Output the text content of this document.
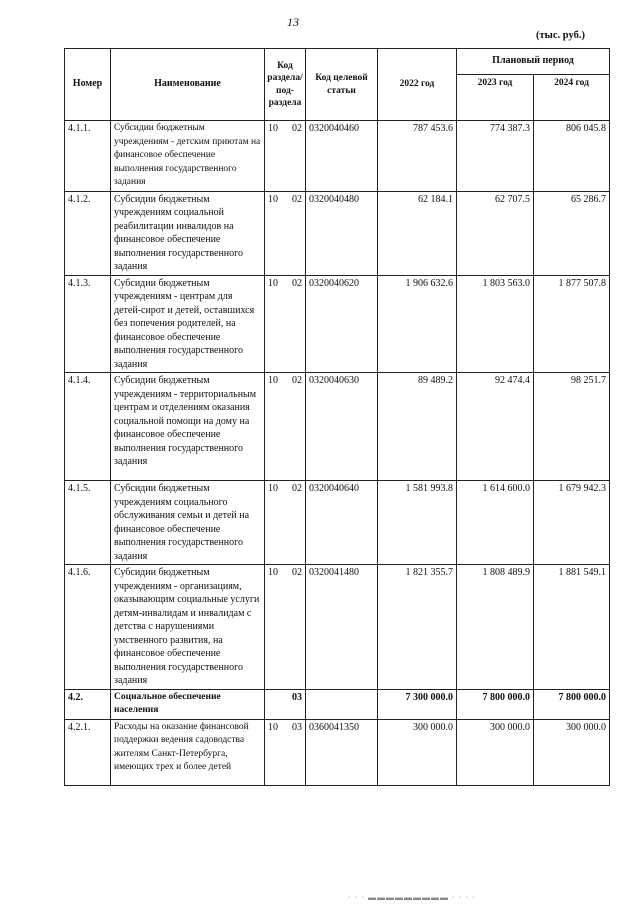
13
(тыс. руб.)
Номер	Наименование	Код раздела/ под- раздела	Код целевой статьи	2022 год	Плановый период	
					2023 год	2024 год
4.1.1.	Субсидии бюджетным учреждениям - детским приютам на финансовое обеспечение выполнения государственного задания	10 02	0320040460	787 453.6	774 387.3	806 045.8
4.1.2.	Субсидии бюджетным учреждениям социальной реабилитации инвалидов на финансовое обеспечение выполнения государственного задания	10 02	0320040480	62 184.1	62 707.5	65 286.7
4.1.3.	Субсидии бюджетным учреждениям - центрам для детей-сирот и детей, оставшихся без попечения родителей, на финансовое обеспечение выполнения государственного задания	10 02	0320040620	1 906 632.6	1 803 563.0	1 877 507.8
4.1.4.	Субсидии бюджетным учреждениям - территориальным центрам и отделениям оказания социальной помощи на дому на финансовое обеспечение выполнения государственного задания	10 02	0320040630	89 489.2	92 474.4	98 251.7
4.1.5.	Субсидии бюджетным учреждениям социального обслуживания семьи и детей на финансовое обеспечение выполнения государственного задания	10 02	0320040640	1 581 993.8	1 614 600.0	1 679 942.3
4.1.6.	Субсидии бюджетным учреждениям - организациям, оказывающим социальные услуги детям-инвалидам и инвалидам с детства с нарушениями умственного развития, на финансовое обеспечение выполнения государственного задания	10 02	0320041480	1 821 355.7	1 808 489.9	1 881 549.1
4.2.	Социальное обеспечение населения	03		7 300 000.0	7 800 000.0	7 800 000.0
4.2.1.	Расходы на оказание финансовой поддержки ведения садоводства жителям Санкт-Петербурга, имеющих трех и более детей	10 03	0360041350	300 000.0	300 000.0	300 000.0
· · · ▬▬▬▬▬▬▬▬▬ · · · ·
